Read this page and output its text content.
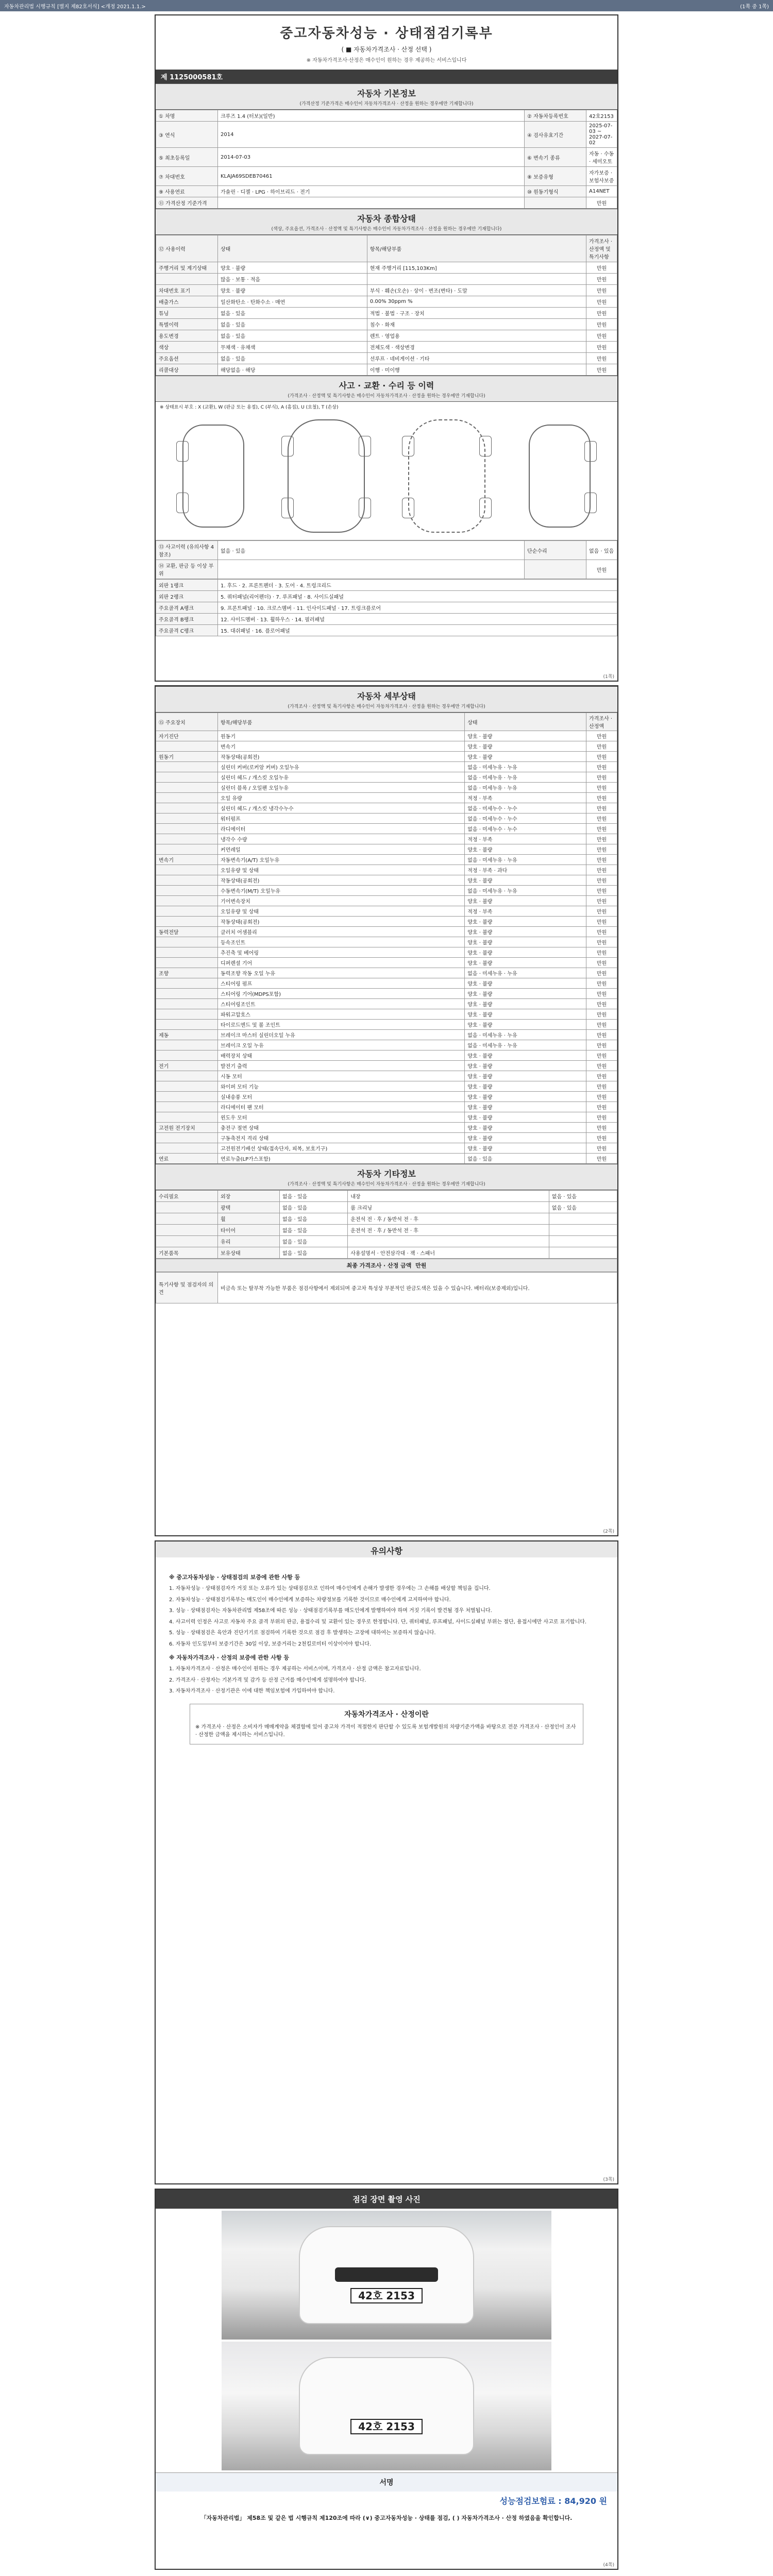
자동차관리법 시행규칙 [별지 제82호서식] <개정 2021.1.1.>	(1쪽 중 1쪽)
중고자동차성능 · 상태점검기록부
( ■ 자동차가격조사 · 산정 선택 )
※ 자동차가격조사·산정은 매수인이 원하는 경우 제공하는 서비스입니다
제 1125000581호
자동차 기본정보
(가격산정 기준가격은 매수인이 자동차가격조사 · 산정을 원하는 경우에만 기재합니다)
① 차명	크루즈 1.4 (터보)(일반)	② 자동차등록번호	42호2153
③ 연식	2014	④ 검사유효기간	2025-07-03 ~ 2027-07-02
⑤ 최초등록일	2014-07-03	⑥ 변속기 종류	자동 · 수동 · 세미오토
⑦ 차대번호	KLAJA69SDEB70461	⑧ 보증유형	자가보증 · 보험사보증
⑨ 사용연료	가솔린 · 디젤 · LPG · 하이브리드 · 전기	⑩ 원동기형식	A14NET
⑪ 가격산정 기준가격			만원
자동차 종합상태
(색상, 주요옵션, 가격조사 · 산정액 및 특기사항은 매수인이 자동차가격조사 · 산정을 원하는 경우에만 기재합니다)
⑫ 사용이력	상태	항목/해당부품	가격조사 · 산정액 및 특기사항
주행거리 및 계기상태	양호 · 불량	현재 주행거리 [115,103Km]	만원
	많음 · 보통 · 적음		만원
차대번호 표기	양호 · 불량	부식 · 훼손(오손) · 상이 · 변조(변타) · 도말	만원
배출가스	일산화탄소 · 탄화수소 · 매연	0.00% 30ppm %	만원
튜닝	없음 · 있음	적법 · 불법 · 구조 · 장치	만원
특별이력	없음 · 있음	침수 · 화재	만원
용도변경	없음 · 있음	렌트 · 영업용	만원
색상	무채색 · 유채색	전체도색 · 색상변경	만원
주요옵션	없음 · 있음	선루프 · 네비게이션 · 기타	만원
리콜대상	해당없음 · 해당	이행 · 미이행	만원
사고 · 교환 · 수리 등 이력
(가격조사 · 산정액 및 특기사항은 매수인이 자동차가격조사 · 산정을 원하는 경우에만 기재합니다)
※ 상태표시 부호 : X (교환), W (판금 또는 용접), C (부식), A (흠집), U (요철), T (손상)
⑬ 사고이력 (유의사항 4 참조)	없음 · 있음	단순수리	없음 · 있음
⑭ 교환, 판금 등 이상 부위			만원
외판 1랭크	1. 후드 · 2. 프론트펜더 · 3. 도어 · 4. 트렁크리드
외판 2랭크	5. 쿼터패널(리어펜더) · 7. 루프패널 · 8. 사이드실패널
주요골격 A랭크	9. 프론트패널 · 10. 크로스멤버 · 11. 인사이드패널 · 17. 트렁크플로어
주요골격 B랭크	12. 사이드멤버 · 13. 휠하우스 · 14. 필러패널
주요골격 C랭크	15. 대쉬패널 · 16. 플로어패널
(1쪽)
자동차 세부상태
(가격조사 · 산정액 및 특기사항은 매수인이 자동차가격조사 · 산정을 원하는 경우에만 기재합니다)
⑮ 주요장치	항목/해당부품	상태	가격조사 · 산정액
자기진단	원동기	양호 · 불량	만원
	변속기	양호 · 불량	만원
원동기	작동상태(공회전)	양호 · 불량	만원
	실린더 커버(로커암 커버) 오일누유	없음 · 미세누유 · 누유	만원
	실린더 헤드 / 개스킷 오일누유	없음 · 미세누유 · 누유	만원
	실린더 블록 / 오일팬 오일누유	없음 · 미세누유 · 누유	만원
	오일 유량	적정 · 부족	만원
	실린더 헤드 / 개스킷 냉각수누수	없음 · 미세누수 · 누수	만원
	워터펌프	없음 · 미세누수 · 누수	만원
	라디에이터	없음 · 미세누수 · 누수	만원
	냉각수 수량	적정 · 부족	만원
	커먼레일	양호 · 불량	만원
변속기	자동변속기(A/T) 오일누유	없음 · 미세누유 · 누유	만원
	오일유량 및 상태	적정 · 부족 · 과다	만원
	작동상태(공회전)	양호 · 불량	만원
	수동변속기(M/T) 오일누유	없음 · 미세누유 · 누유	만원
	기어변속장치	양호 · 불량	만원
	오일유량 및 상태	적정 · 부족	만원
	작동상태(공회전)	양호 · 불량	만원
동력전달	클러치 어셈블리	양호 · 불량	만원
	등속조인트	양호 · 불량	만원
	추진축 및 베어링	양호 · 불량	만원
	디퍼렌셜 기어	양호 · 불량	만원
조향	동력조향 작동 오일 누유	없음 · 미세누유 · 누유	만원
	스티어링 펌프	양호 · 불량	만원
	스티어링 기어(MDPS포함)	양호 · 불량	만원
	스티어링조인트	양호 · 불량	만원
	파워고압호스	양호 · 불량	만원
	타이로드엔드 및 볼 조인트	양호 · 불량	만원
제동	브레이크 마스터 실린더오일 누유	없음 · 미세누유 · 누유	만원
	브레이크 오일 누유	없음 · 미세누유 · 누유	만원
	배력장치 상태	양호 · 불량	만원
전기	발전기 출력	양호 · 불량	만원
	시동 모터	양호 · 불량	만원
	와이퍼 모터 기능	양호 · 불량	만원
	실내송풍 모터	양호 · 불량	만원
	라디에이터 팬 모터	양호 · 불량	만원
	윈도우 모터	양호 · 불량	만원
고전원 전기장치	충전구 절연 상태	양호 · 불량	만원
	구동축전지 격리 상태	양호 · 불량	만원
	고전원전기배선 상태(접속단자, 피복, 보호기구)	양호 · 불량	만원
연료	연료누출(LP가스포함)	없음 · 있음	만원
자동차 기타정보
(가격조사 · 산정액 및 특기사항은 매수인이 자동차가격조사 · 산정을 원하는 경우에만 기재합니다)
수리필요	외장	없음 · 있음	내장	없음 · 있음
	광택	없음 · 있음	룸 크리닝	없음 · 있음
	휠	없음 · 있음	운전석 전 · 후 / 동반석 전 · 후	
	타이어	없음 · 있음	운전석 전 · 후 / 동반석 전 · 후	
	유리	없음 · 있음		
기본품목	보유상태	없음 · 있음	사용설명서 · 안전삼각대 · 잭 · 스패너	
최종 가격조사 · 산정 금액 만원
특기사항 및 점검자의 의견	비금속 또는 탈부착 가능한 부품은 점검사항에서 제외되며 중고차 특성상 부분적인 판금도색은 있을 수 있습니다. 배터리(보증제외)입니다.
(2쪽)
유의사항
※ 중고자동차성능 · 상태점검의 보증에 관한 사항 등

1. 자동차성능 · 상태점검자가 거짓 또는 오류가 있는 상태점검으로 인하여 매수인에게 손해가 발생한 경우에는 그 손해를 배상할 책임을 집니다.

2. 자동차성능 · 상태점검기록부는 매도인이 매수인에게 보증하는 차량정보를 기록한 것이므로 매수인에게 고지하여야 합니다.

3. 성능 · 상태점검자는 자동차관리법 제58조에 따른 성능 · 상태점검기록부를 매도인에게 발행하여야 하며 거짓 기록이 발견될 경우 처벌됩니다.

4. 사고이력 인정은 사고로 자동차 주요 골격 부위의 판금, 용접수리 및 교환이 있는 경우로 한정합니다. 단, 쿼터패널, 루프패널, 사이드실패널 부위는 절단, 용접시에만 사고로 표기합니다.

5. 성능 · 상태점검은 육안과 진단기기로 점검하여 기록한 것으로 점검 후 발생하는 고장에 대하여는 보증하지 않습니다.

6. 자동차 인도일부터 보증기간은 30일 이상, 보증거리는 2천킬로미터 이상이어야 합니다.

※ 자동차가격조사 · 산정의 보증에 관한 사항 등

1. 자동차가격조사 · 산정은 매수인이 원하는 경우 제공하는 서비스이며, 가격조사 · 산정 금액은 참고자료입니다.

2. 가격조사 · 산정자는 기본가격 및 감가 등 산정 근거를 매수인에게 설명하여야 합니다.

3. 자동차가격조사 · 산정기관은 이에 대한 책임보험에 가입하여야 합니다.

자동차가격조사 · 산정이란
※ 가격조사 · 산정은 소비자가 매매계약을 체결함에 있어 중고차 가격이 적절한지 판단할 수 있도록 보험개발원의 차량기준가액을 바탕으로 전문 가격조사 · 산정인이 조사 · 산정한 금액을 제시하는 서비스입니다.
(3쪽)
점검 장면 촬영 사진
42호 2153
42호 2153
서명
성능점검보험료 : 84,920 원
「자동차관리법」 제58조 및 같은 법 시행규칙 제120조에 따라 (∨) 중고자동차성능 · 상태를 점검, ( ) 자동차가격조사 · 산정 하였음을 확인합니다.
(4쪽)
